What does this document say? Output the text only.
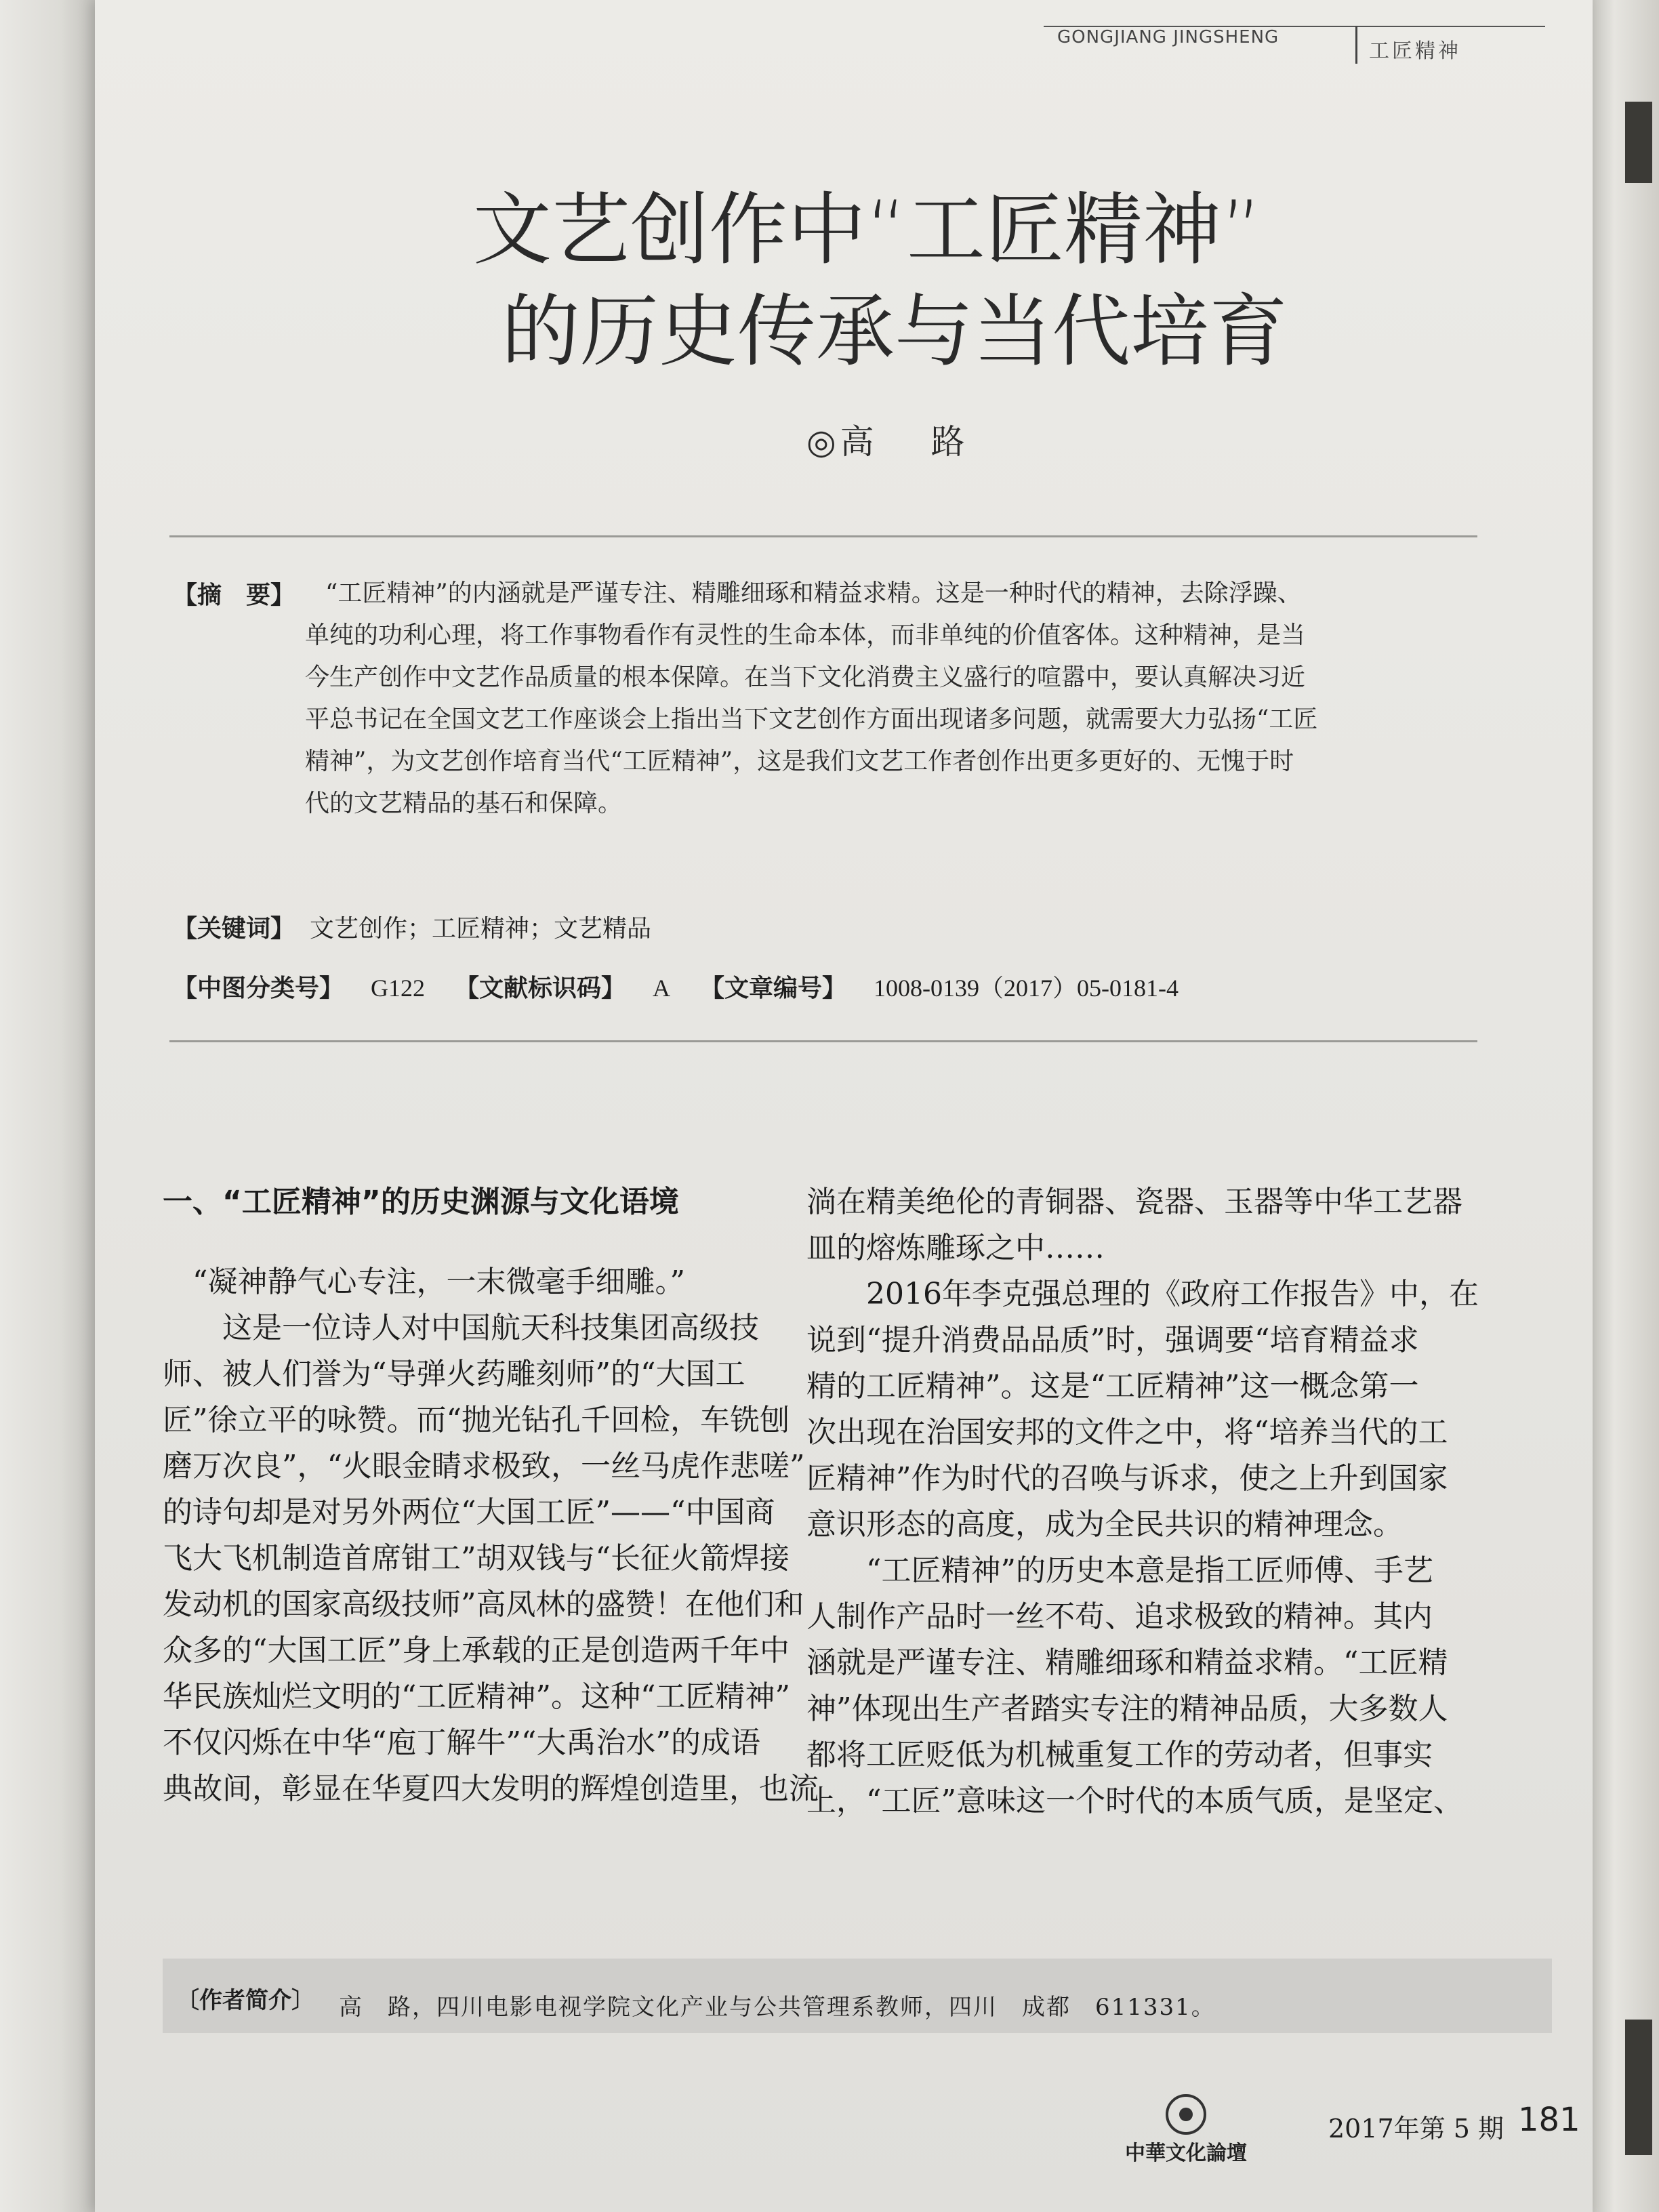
GONGJIANG JINGSHENG
工匠精神
文艺创作中“工匠精神”
的历史传承与当代培育
◎高 路
【摘　要】 “工匠精神”的内涵就是严谨专注、精雕细琢和精益求精。这是一种时代的精神，去除浮躁、
单纯的功利心理，将工作事物看作有灵性的生命本体，而非单纯的价值客体。这种精神，是当
今生产创作中文艺作品质量的根本保障。在当下文化消费主义盛行的喧嚣中，要认真解决习近
平总书记在全国文艺工作座谈会上指出当下文艺创作方面出现诸多问题，就需要大力弘扬“工匠
精神”，为文艺创作培育当代“工匠精神”，这是我们文艺工作者创作出更多更好的、无愧于时
代的文艺精品的基石和保障。
【关键词】 文艺创作；工匠精神；文艺精品
【中图分类号】 G122 【文献标识码】 A 【文章编号】 1008-0139（2017）05-0181-4
一、“工匠精神”的历史渊源与文化语境
“凝神静气心专注，一末微毫手细雕。”
这是一位诗人对中国航天科技集团高级技
师、被人们誉为“导弹火药雕刻师”的“大国工
匠”徐立平的咏赞。而“抛光钻孔千回检，车铣刨
磨万次良”，“火眼金睛求极致，一丝马虎作悲嗟”
的诗句却是对另外两位“大国工匠”——“中国商
飞大飞机制造首席钳工”胡双钱与“长征火箭焊接
发动机的国家高级技师”高凤林的盛赞！在他们和
众多的“大国工匠”身上承载的正是创造两千年中
华民族灿烂文明的“工匠精神”。这种“工匠精神”
不仅闪烁在中华“庖丁解牛”“大禹治水”的成语
典故间，彰显在华夏四大发明的辉煌创造里，也流
淌在精美绝伦的青铜器、瓷器、玉器等中华工艺器
皿的熔炼雕琢之中……
　　2016年李克强总理的《政府工作报告》中，在
说到“提升消费品品质”时，强调要“培育精益求
精的工匠精神”。这是“工匠精神”这一概念第一
次出现在治国安邦的文件之中，将“培养当代的工
匠精神”作为时代的召唤与诉求，使之上升到国家
意识形态的高度，成为全民共识的精神理念。
　　“工匠精神”的历史本意是指工匠师傅、手艺
人制作产品时一丝不苟、追求极致的精神。其内
涵就是严谨专注、精雕细琢和精益求精。“工匠精
神”体现出生产者踏实专注的精神品质，大多数人
都将工匠贬低为机械重复工作的劳动者，但事实
上，“工匠”意味这一个时代的本质气质，是坚定、
〔作者简介〕 高　路，四川电影电视学院文化产业与公共管理系教师，四川　成都　611331。
中華文化論壇
2017年第 5 期 181
